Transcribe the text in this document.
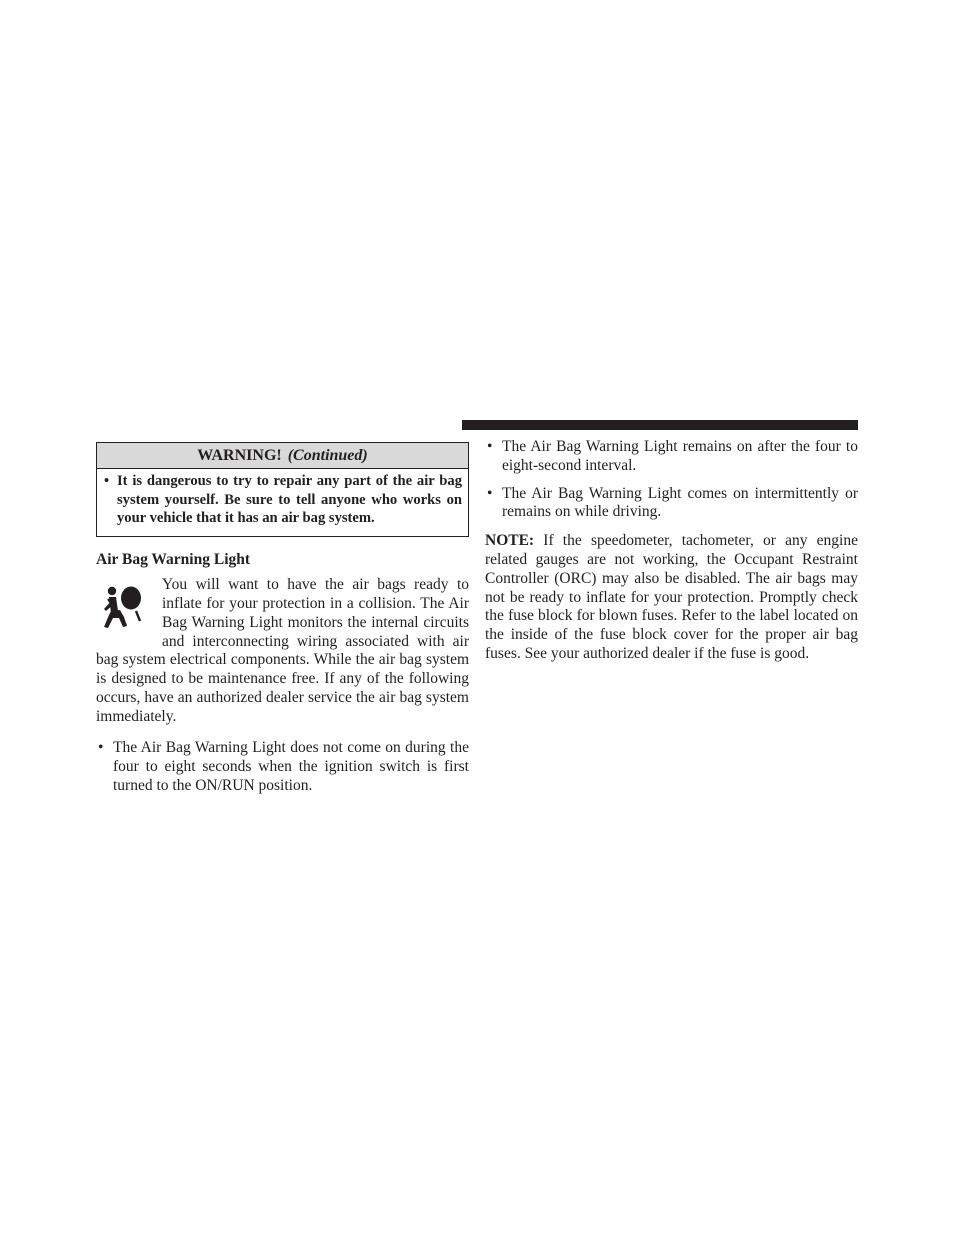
WARNING! (Continued)
• It is dangerous to try to repair any part of the air bag system yourself. Be sure to tell anyone who works on your vehicle that it has an air bag system.
Air Bag Warning Light

You will want to have the air bags ready to inflate for your protection in a collision. The Air Bag Warning Light monitors the internal circuits and interconnecting wiring associated with air bag system electrical components. While the air bag system is designed to be maintenance free. If any of the following occurs, have an authorized dealer service the air bag system immediately.

• The Air Bag Warning Light does not come on during the four to eight seconds when the ignition switch is first turned to the ON/RUN position.
• The Air Bag Warning Light remains on after the four to eight-second interval.
• The Air Bag Warning Light comes on intermittently or remains on while driving.

NOTE: If the speedometer, tachometer, or any engine related gauges are not working, the Occupant Restraint Controller (ORC) may also be disabled. The air bags may not be ready to inflate for your protection. Promptly check the fuse block for blown fuses. Refer to the label located on the inside of the fuse block cover for the proper air bag fuses. See your authorized dealer if the fuse is good.
